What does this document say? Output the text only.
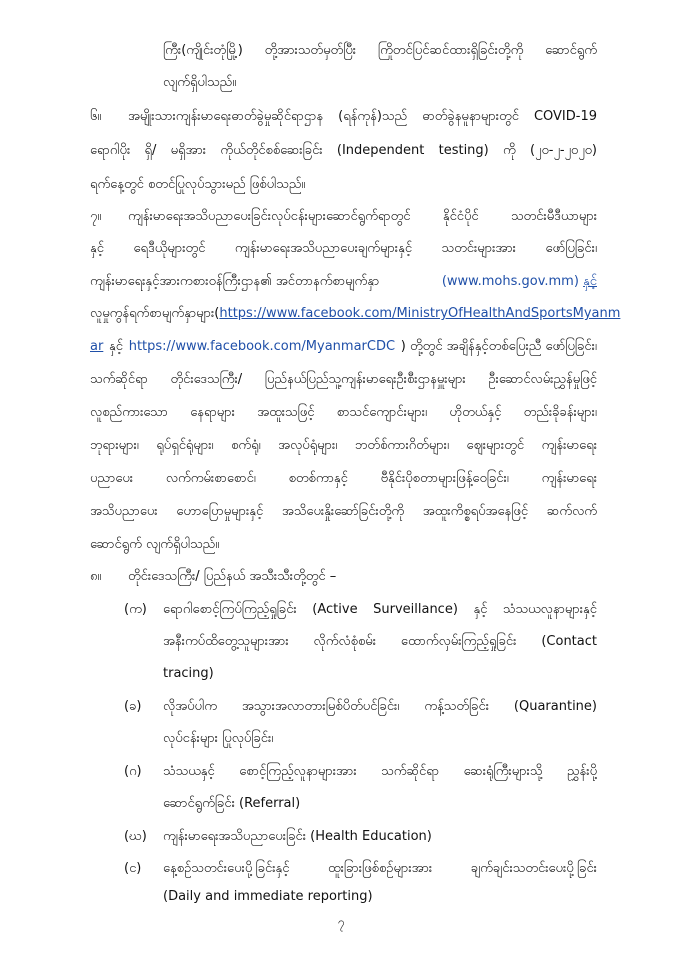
ကြီး(ကျိုင်းတုံမြို့) တို့အားသတ်မှတ်ပြီး ကြိုတင်ပြင်ဆင်ထားရှိခြင်းတို့ကို ဆောင်ရွက်
လျက်ရှိပါသည်။
၆။ အမျိုးသားကျန်းမာရေးဓာတ်ခွဲမှုဆိုင်ရာဌာန (ရန်ကုန်)သည် ဓာတ်ခွဲနမူနာများတွင် COVID-19
ရောဂါပိုး ရှိ/ မရှိအား ကိုယ်တိုင်စစ်ဆေးခြင်း (Independent testing) ကို (၂၀-၂-၂၀၂၀)
ရက်နေ့တွင် စတင်ပြုလုပ်သွားမည် ဖြစ်ပါသည်။
၇။ ကျန်းမာရေးအသိပညာပေးခြင်းလုပ်ငန်းများဆောင်ရွက်ရာတွင် နိုင်ငံပိုင် သတင်းမီဒီယာများ
နှင့် ရေဒီယိုများတွင် ကျန်းမာရေးအသိပညာပေးချက်များနှင့် သတင်းများအား ဖော်ပြခြင်း၊
ကျန်းမာရေးနှင့်အားကစားဝန်ကြီးဌာန၏ အင်တာနက်စာမျက်နှာ	(www.mohs.gov.mm) နှင့်
လူမှုကွန်ရက်စာမျက်နှာများ(https://www.facebook.com/MinistryOfHealthAndSportsMyanm
ar နှင့် https://www.facebook.com/MyanmarCDC ) တို့တွင် အချိန်နှင့်တစ်ပြေးညီ ဖော်ပြခြင်း၊
သက်ဆိုင်ရာ တိုင်းဒေသကြီး/ ပြည်နယ်ပြည်သူ့ကျန်းမာရေးဦးစီးဌာနမှူးများ ဦးဆောင်လမ်းညွှန်မှုဖြင့်
လူစည်ကားသော နေရာများ အထူးသဖြင့် စာသင်ကျောင်းများ၊ ဟိုတယ်နှင့် တည်းခိုခန်းများ၊
ဘုရားများ၊ ရုပ်ရှင်ရုံများ၊ စက်ရုံ၊ အလုပ်ရုံများ၊ ဘတ်စ်ကားဂိတ်များ၊ ဈေးများတွင် ကျန်းမာရေး
ပညာပေး လက်ကမ်းစာစောင်၊ စတစ်ကာနှင့် ဗီနိုင်းပိုစတာများဖြန့်ဝေခြင်း၊ ကျန်းမာရေး
အသိပညာပေး ဟောပြောမှုများနှင့် အသိပေးနှိုးဆော်ခြင်းတို့ကို အထူးကိစ္စရပ်အနေဖြင့် ဆက်လက်
ဆောင်ရွက် လျက်ရှိပါသည်။
၈။ တိုင်းဒေသကြီး/ ပြည်နယ် အသီးသီးတို့တွင် –
(က) ရောဂါစောင့်ကြပ်ကြည့်ရှုခြင်း (Active Surveillance) နှင့် သံသယလူနာများနှင့်
အနီးကပ်ထိတွေ့သူများအား လိုက်လံစုံစမ်း ထောက်လှမ်းကြည့်ရှုခြင်း (Contact
tracing)
(ခ) လိုအပ်ပါက အသွားအလာတားမြစ်ပိတ်ပင်ခြင်း၊ ကန့်သတ်ခြင်း (Quarantine)
လုပ်ငန်းများ ပြုလုပ်ခြင်း၊
(ဂ) သံသယနှင့် စောင့်ကြည့်လူနာများအား သက်ဆိုင်ရာ ဆေးရုံကြီးများသို့ ညွှန်းပို့
ဆောင်ရွက်ခြင်း (Referral)
(ဃ) ကျန်းမာရေးအသိပညာပေးခြင်း (Health Education)
(င) နေ့စဉ်သတင်းပေးပို့ခြင်းနှင့် ထူးခြားဖြစ်စဉ်များအား ချက်ချင်းသတင်းပေးပို့ခြင်း
(Daily and immediate reporting)
၇
